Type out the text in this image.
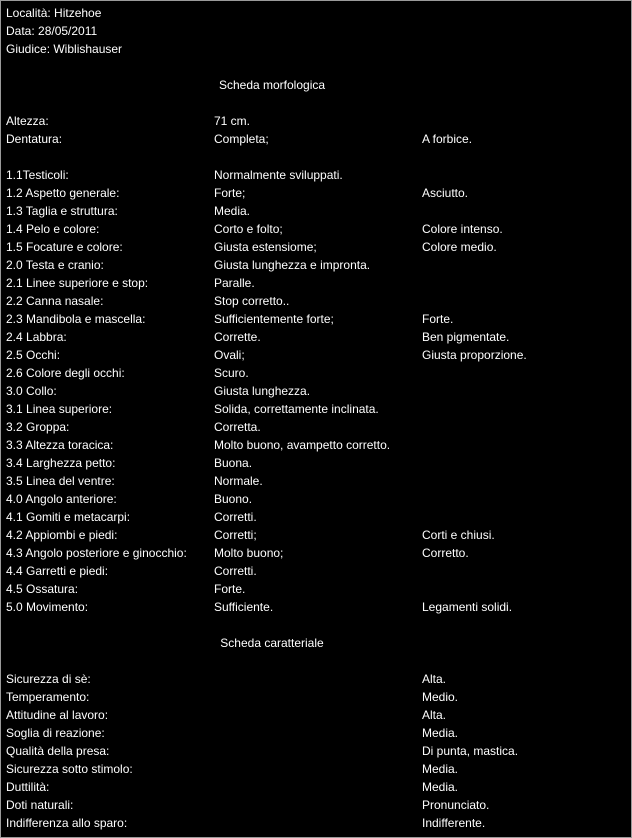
Località: Hitzehoe
Data: 28/05/2011
Giudice: Wiblishauser
Scheda morfologica
Altezza:	71 cm.
Dentatura:	Completa;	A forbice.
1.1Testicoli:	Normalmente sviluppati.
1.2 Aspetto generale:	Forte;	Asciutto.
1.3 Taglia e struttura:	Media.
1.4 Pelo e colore:	Corto e folto;	Colore intenso.
1.5 Focature e colore:	Giusta estensiome;	Colore medio.
2.0 Testa e cranio:	Giusta lunghezza e impronta.
2.1 Linee superiore e stop:	Paralle.
2.2 Canna nasale:	Stop corretto..
2.3 Mandibola e mascella:	Sufficientemente forte;	Forte.
2.4 Labbra:	Corrette.	Ben pigmentate.
2.5 Occhi:	Ovali;	Giusta proporzione.
2.6 Colore degli occhi:	Scuro.
3.0 Collo:	Giusta lunghezza.
3.1 Linea superiore:	Solida, correttamente inclinata.
3.2 Groppa:	Corretta.
3.3 Altezza toracica:	Molto buono, avampetto corretto.
3.4 Larghezza petto:	Buona.
3.5 Linea del ventre:	Normale.
4.0 Angolo anteriore:	Buono.
4.1 Gomiti e metacarpi:	Corretti.
4.2 Appiombi e piedi:	Corretti;	Corti e chiusi.
4.3 Angolo posteriore e ginocchio: Molto buono;	Corretto.
4.4 Garretti e piedi:	Corretti.
4.5 Ossatura:	Forte.
5.0 Movimento:	Sufficiente.	Legamenti solidi.
Scheda caratteriale
Sicurezza di sè:	Alta.
Temperamento:	Medio.
Attitudine al lavoro:	Alta.
Soglia di reazione:	Media.
Qualità della presa:	Di punta, mastica.
Sicurezza sotto stimolo:	Media.
Duttilità:	Media.
Doti naturali:	Pronunciato.
Indifferenza allo sparo:	Indifferente.
